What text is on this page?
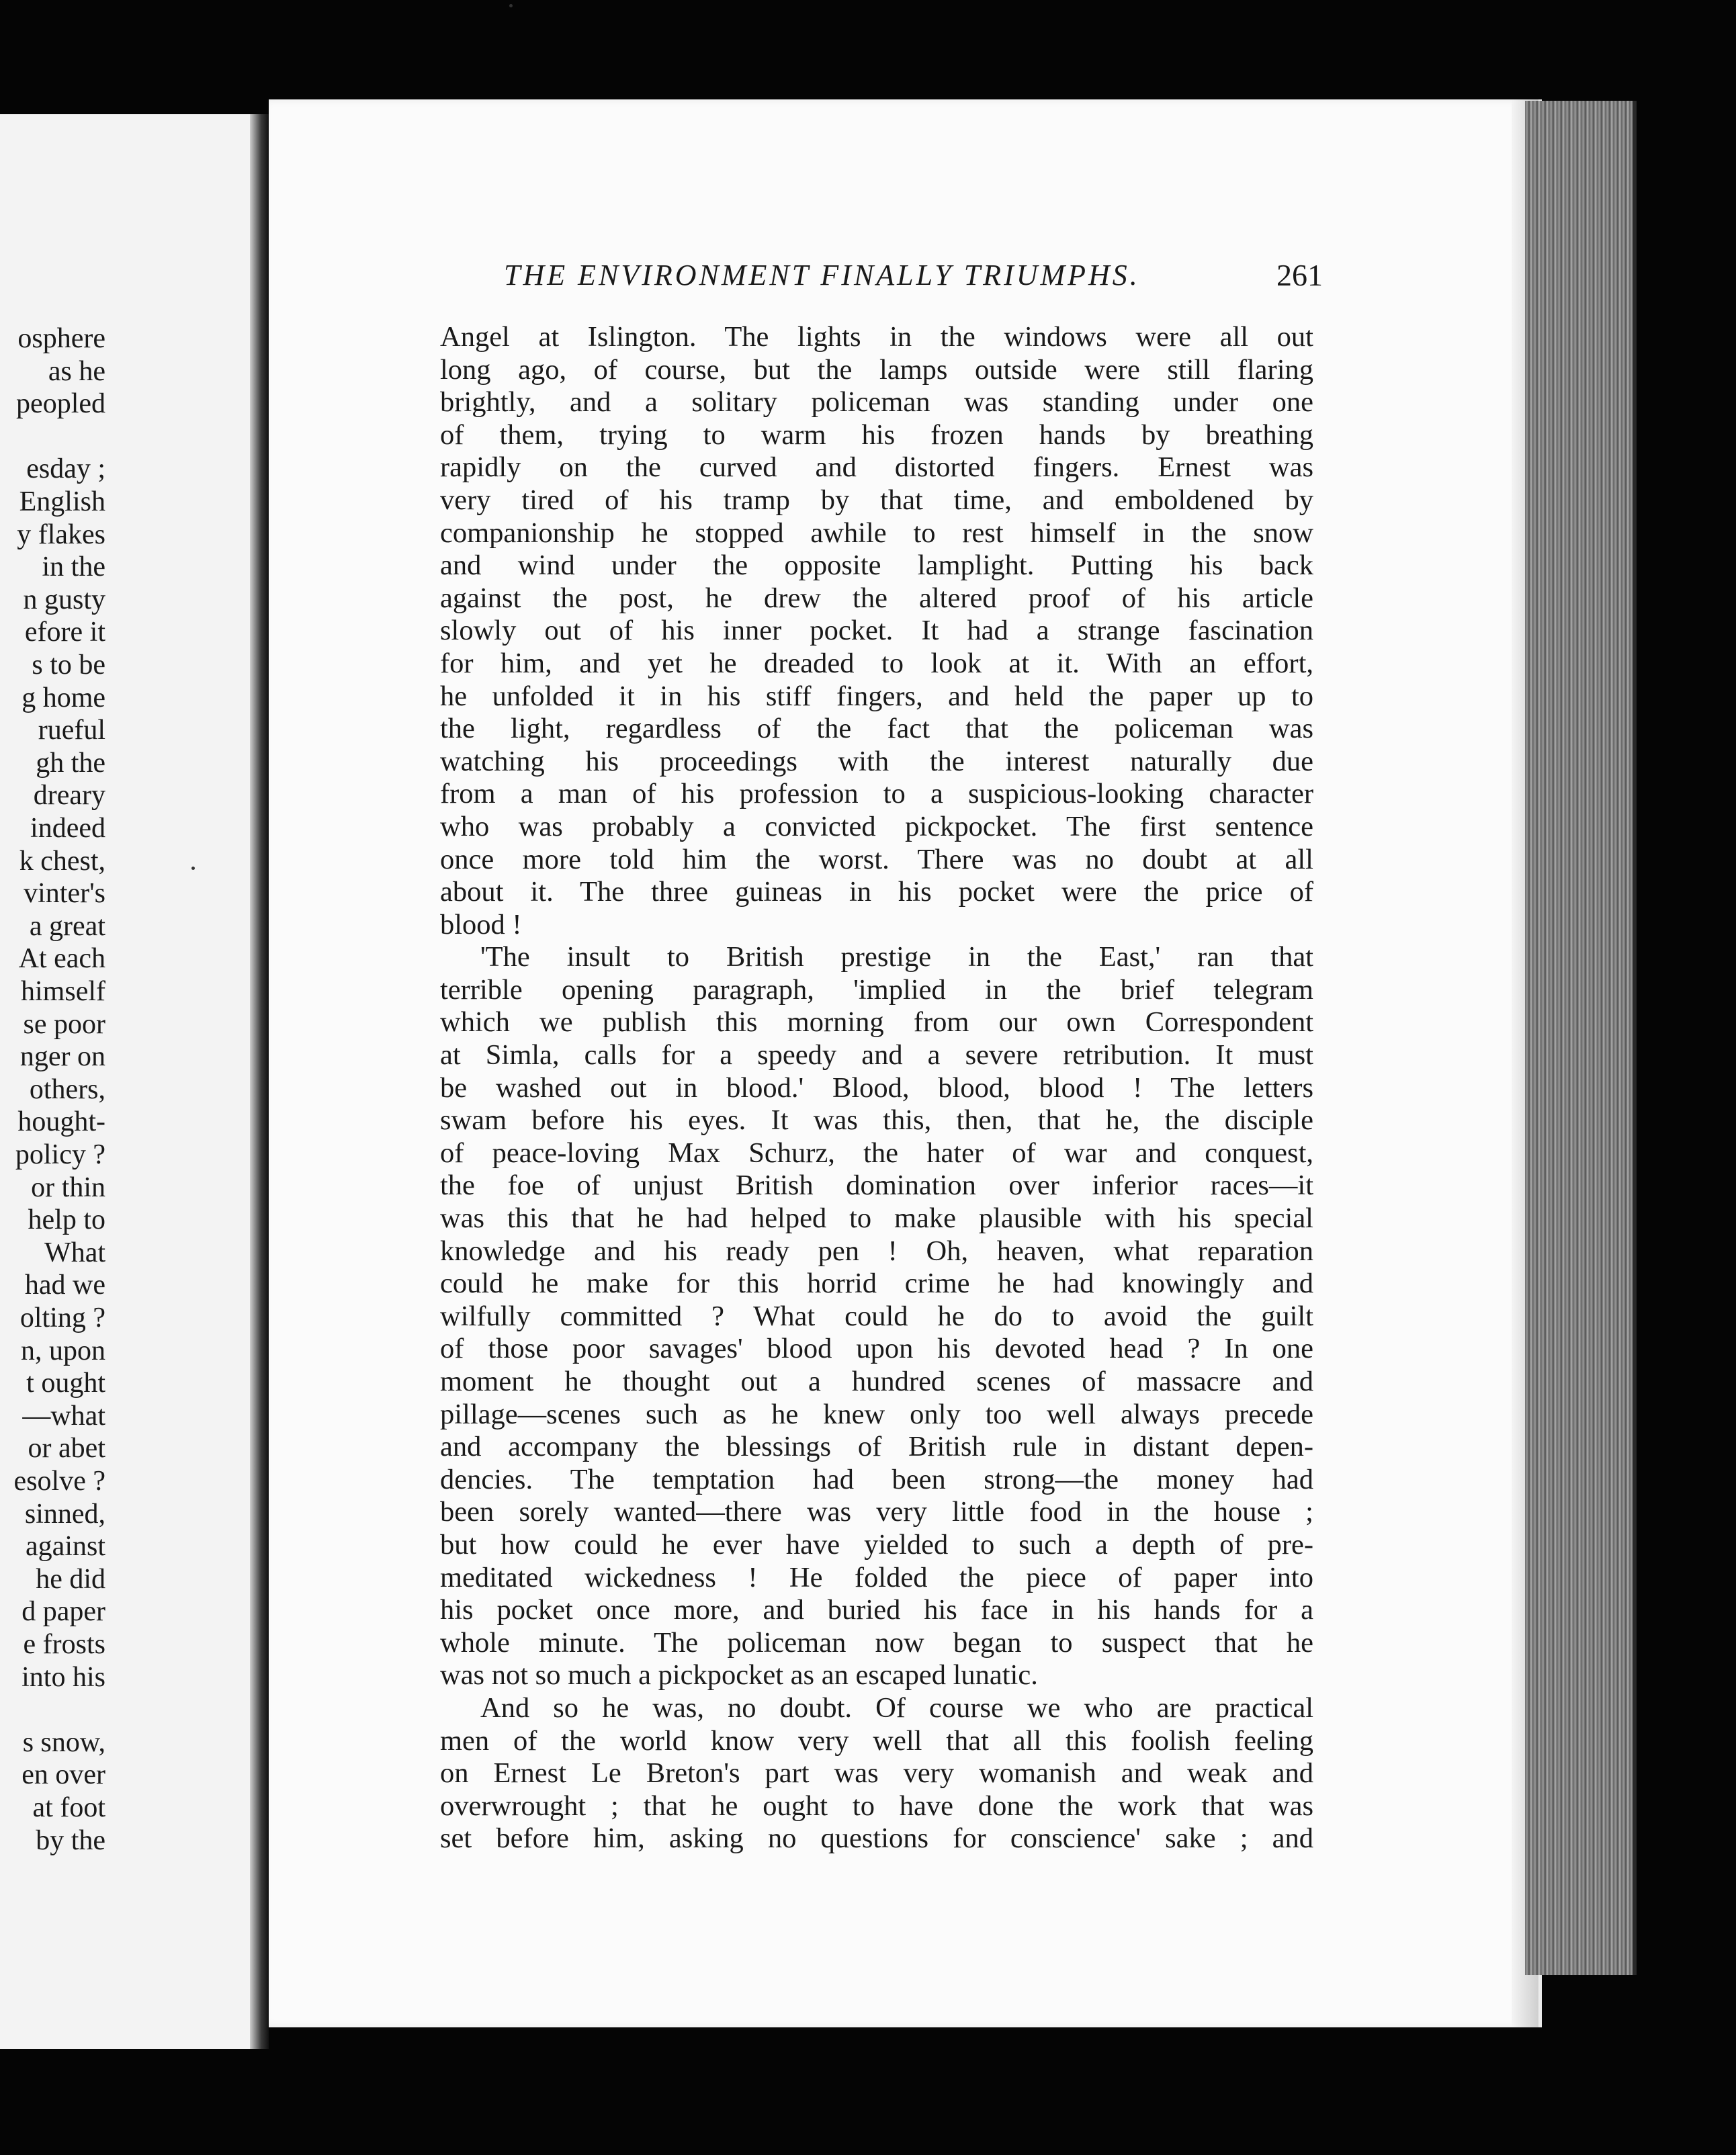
osphere
as he
peopled
esday ;
English
y flakes
in the
n gusty
efore it
s to be
g home
rueful
gh the
dreary
indeed
k chest,
vinter's
a great
At each
himself
se poor
nger on
others,
hought-
policy ?
or thin
help to
What
had we
olting ?
n, upon
t ought
—what
or abet
esolve ?
sinned,
against
he did
d paper
e frosts
into his
s snow,
en over
at foot
by the
THE ENVIRONMENT FINALLY TRIUMPHS.	261
Angel at Islington. The lights in the windows were all out
long ago, of course, but the lamps outside were still flaring
brightly, and a solitary policeman was standing under one
of them, trying to warm his frozen hands by breathing
rapidly on the curved and distorted fingers. Ernest was
very tired of his tramp by that time, and emboldened by
companionship he stopped awhile to rest himself in the snow
and wind under the opposite lamplight. Putting his back
against the post, he drew the altered proof of his article
slowly out of his inner pocket. It had a strange fascination
for him, and yet he dreaded to look at it. With an effort,
he unfolded it in his stiff fingers, and held the paper up to
the light, regardless of the fact that the policeman was
watching his proceedings with the interest naturally due
from a man of his profession to a suspicious-looking character
who was probably a convicted pickpocket. The first sentence
once more told him the worst. There was no doubt at all
about it. The three guineas in his pocket were the price of
blood !
'The insult to British prestige in the East,' ran that
terrible opening paragraph, 'implied in the brief telegram
which we publish this morning from our own Correspondent
at Simla, calls for a speedy and a severe retribution. It must
be washed out in blood.' Blood, blood, blood ! The letters
swam before his eyes. It was this, then, that he, the disciple
of peace-loving Max Schurz, the hater of war and conquest,
the foe of unjust British domination over inferior races—it
was this that he had helped to make plausible with his special
knowledge and his ready pen ! Oh, heaven, what reparation
could he make for this horrid crime he had knowingly and
wilfully committed ? What could he do to avoid the guilt
of those poor savages' blood upon his devoted head ? In one
moment he thought out a hundred scenes of massacre and
pillage—scenes such as he knew only too well always precede
and accompany the blessings of British rule in distant depen-
dencies. The temptation had been strong—the money had
been sorely wanted—there was very little food in the house ;
but how could he ever have yielded to such a depth of pre-
meditated wickedness ! He folded the piece of paper into
his pocket once more, and buried his face in his hands for a
whole minute. The policeman now began to suspect that he
was not so much a pickpocket as an escaped lunatic.
And so he was, no doubt. Of course we who are practical
men of the world know very well that all this foolish feeling
on Ernest Le Breton's part was very womanish and weak and
overwrought ; that he ought to have done the work that was
set before him, asking no questions for conscience' sake ; and
